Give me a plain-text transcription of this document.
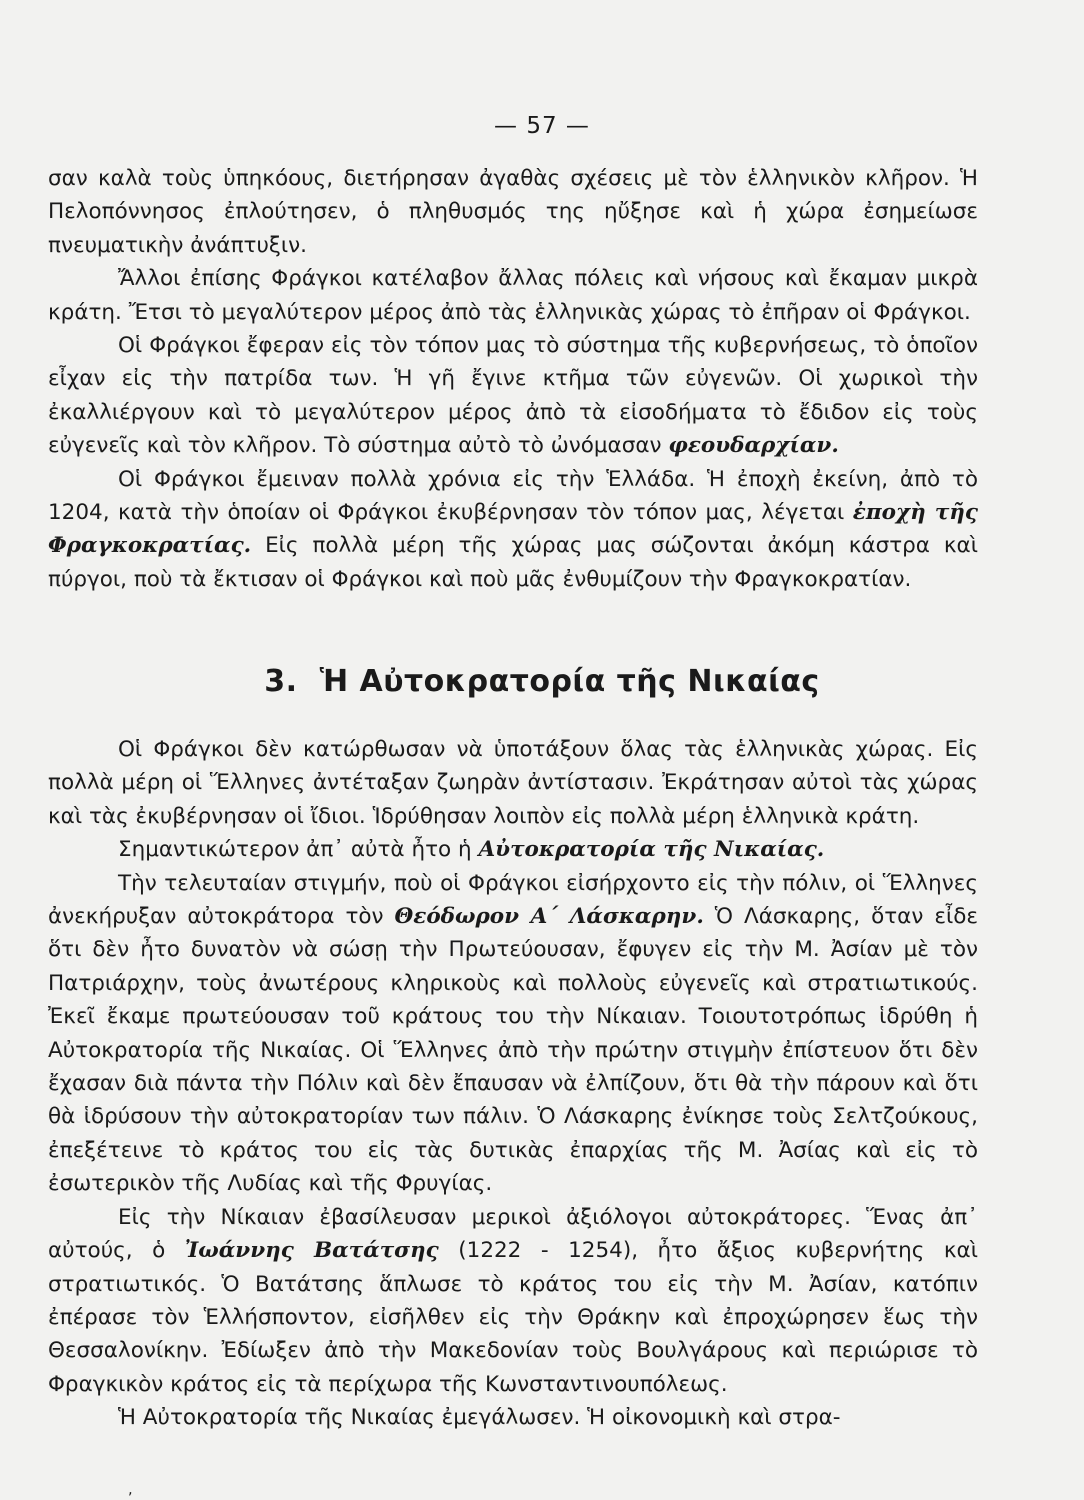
— 57 —

σαν καλὰ τοὺς ὑπηκόους, διετήρησαν ἀγαθὰς σχέσεις μὲ τὸν ἑλληνικὸν κλῆρον. Ἡ Πελοπόννησος ἐπλούτησεν, ὁ πληθυσμός της ηὔξησε καὶ ἡ χώρα ἐσημείωσε πνευματικὴν ἀνάπτυξιν.

Ἄλλοι ἐπίσης Φράγκοι κατέλαβον ἄλλας πόλεις καὶ νήσους καὶ ἔκαμαν μικρὰ κράτη. Ἔτσι τὸ μεγαλύτερον μέρος ἀπὸ τὰς ἑλληνικὰς χώρας τὸ ἐπῆραν οἱ Φράγκοι.

Οἱ Φράγκοι ἔφεραν εἰς τὸν τόπον μας τὸ σύστημα τῆς κυβερνήσεως, τὸ ὁποῖον εἶχαν εἰς τὴν πατρίδα των. Ἡ γῆ ἔγινε κτῆμα τῶν εὐγενῶν. Οἱ χωρικοὶ τὴν ἐκαλλιέργουν καὶ τὸ μεγαλύτερον μέρος ἀπὸ τὰ εἰσοδήματα τὸ ἔδιδον εἰς τοὺς εὐγενεῖς καὶ τὸν κλῆρον. Τὸ σύστημα αὐτὸ τὸ ὠνόμασαν φεουδαρχίαν.

Οἱ Φράγκοι ἔμειναν πολλὰ χρόνια εἰς τὴν Ἑλλάδα. Ἡ ἐποχὴ ἐκείνη, ἀπὸ τὸ 1204, κατὰ τὴν ὁποίαν οἱ Φράγκοι ἐκυβέρνησαν τὸν τόπον μας, λέγεται ἐποχὴ τῆς Φραγκοκρατίας. Εἰς πολλὰ μέρη τῆς χώρας μας σώζονται ἀκόμη κάστρα καὶ πύργοι, ποὺ τὰ ἔκτισαν οἱ Φράγκοι καὶ ποὺ μᾶς ἐνθυμίζουν τὴν Φραγκοκρατίαν.

3. Ἡ Αὐτοκρατορία τῆς Νικαίας

Οἱ Φράγκοι δὲν κατώρθωσαν νὰ ὑποτάξουν ὅλας τὰς ἑλληνικὰς χώρας. Εἰς πολλὰ μέρη οἱ Ἕλληνες ἀντέταξαν ζωηρὰν ἀντίστασιν. Ἐκράτησαν αὐτοὶ τὰς χώρας καὶ τὰς ἐκυβέρνησαν οἱ ἴδιοι. Ἱδρύθησαν λοιπὸν εἰς πολλὰ μέρη ἑλληνικὰ κράτη.

Σημαντικώτερον ἀπ᾽ αὐτὰ ἦτο ἡ Αὐτοκρατορία τῆς Νικαίας.

Τὴν τελευταίαν στιγμήν, ποὺ οἱ Φράγκοι εἰσήρχοντο εἰς τὴν πόλιν, οἱ Ἕλληνες ἀνεκήρυξαν αὐτοκράτορα τὸν Θεόδωρον Α΄ Λάσκαρην. Ὁ Λάσκαρης, ὅταν εἶδε ὅτι δὲν ἦτο δυνατὸν νὰ σώσῃ τὴν Πρωτεύουσαν, ἔφυγεν εἰς τὴν Μ. Ἀσίαν μὲ τὸν Πατριάρχην, τοὺς ἀνωτέρους κληρικοὺς καὶ πολλοὺς εὐγενεῖς καὶ στρατιωτικούς. Ἐκεῖ ἔκαμε πρωτεύουσαν τοῦ κράτους του τὴν Νίκαιαν. Τοιουτοτρόπως ἱδρύθη ἡ Αὐτοκρατορία τῆς Νικαίας. Οἱ Ἕλληνες ἀπὸ τὴν πρώτην στιγμὴν ἐπίστευον ὅτι δὲν ἔχασαν διὰ πάντα τὴν Πόλιν καὶ δὲν ἔπαυσαν νὰ ἐλπίζουν, ὅτι θὰ τὴν πάρουν καὶ ὅτι θὰ ἱδρύσουν τὴν αὐτοκρατορίαν των πάλιν. Ὁ Λάσκαρης ἐνίκησε τοὺς Σελτζούκους, ἐπεξέτεινε τὸ κράτος του εἰς τὰς δυτικὰς ἐπαρχίας τῆς Μ. Ἀσίας καὶ εἰς τὸ ἐσωτερικὸν τῆς Λυδίας καὶ τῆς Φρυγίας.

Εἰς τὴν Νίκαιαν ἐβασίλευσαν μερικοὶ ἀξιόλογοι αὐτοκράτορες. Ἕνας ἀπ᾽ αὐτούς, ὁ Ἰωάννης Βατάτσης (1222 - 1254), ἦτο ἄξιος κυβερνήτης καὶ στρατιωτικός. Ὁ Βατάτσης ἅπλωσε τὸ κράτος του εἰς τὴν Μ. Ἀσίαν, κατόπιν ἐπέρασε τὸν Ἑλλήσποντον, εἰσῆλθεν εἰς τὴν Θράκην καὶ ἐπροχώρησεν ἕως τὴν Θεσσαλονίκην. Ἐδίωξεν ἀπὸ τὴν Μακεδονίαν τοὺς Βουλγάρους καὶ περιώρισε τὸ Φραγκικὸν κράτος εἰς τὰ περίχωρα τῆς Κωνσταντινουπόλεως.

Ἡ Αὐτοκρατορία τῆς Νικαίας ἐμεγάλωσεν. Ἡ οἰκονομικὴ καὶ στρα-

‚
